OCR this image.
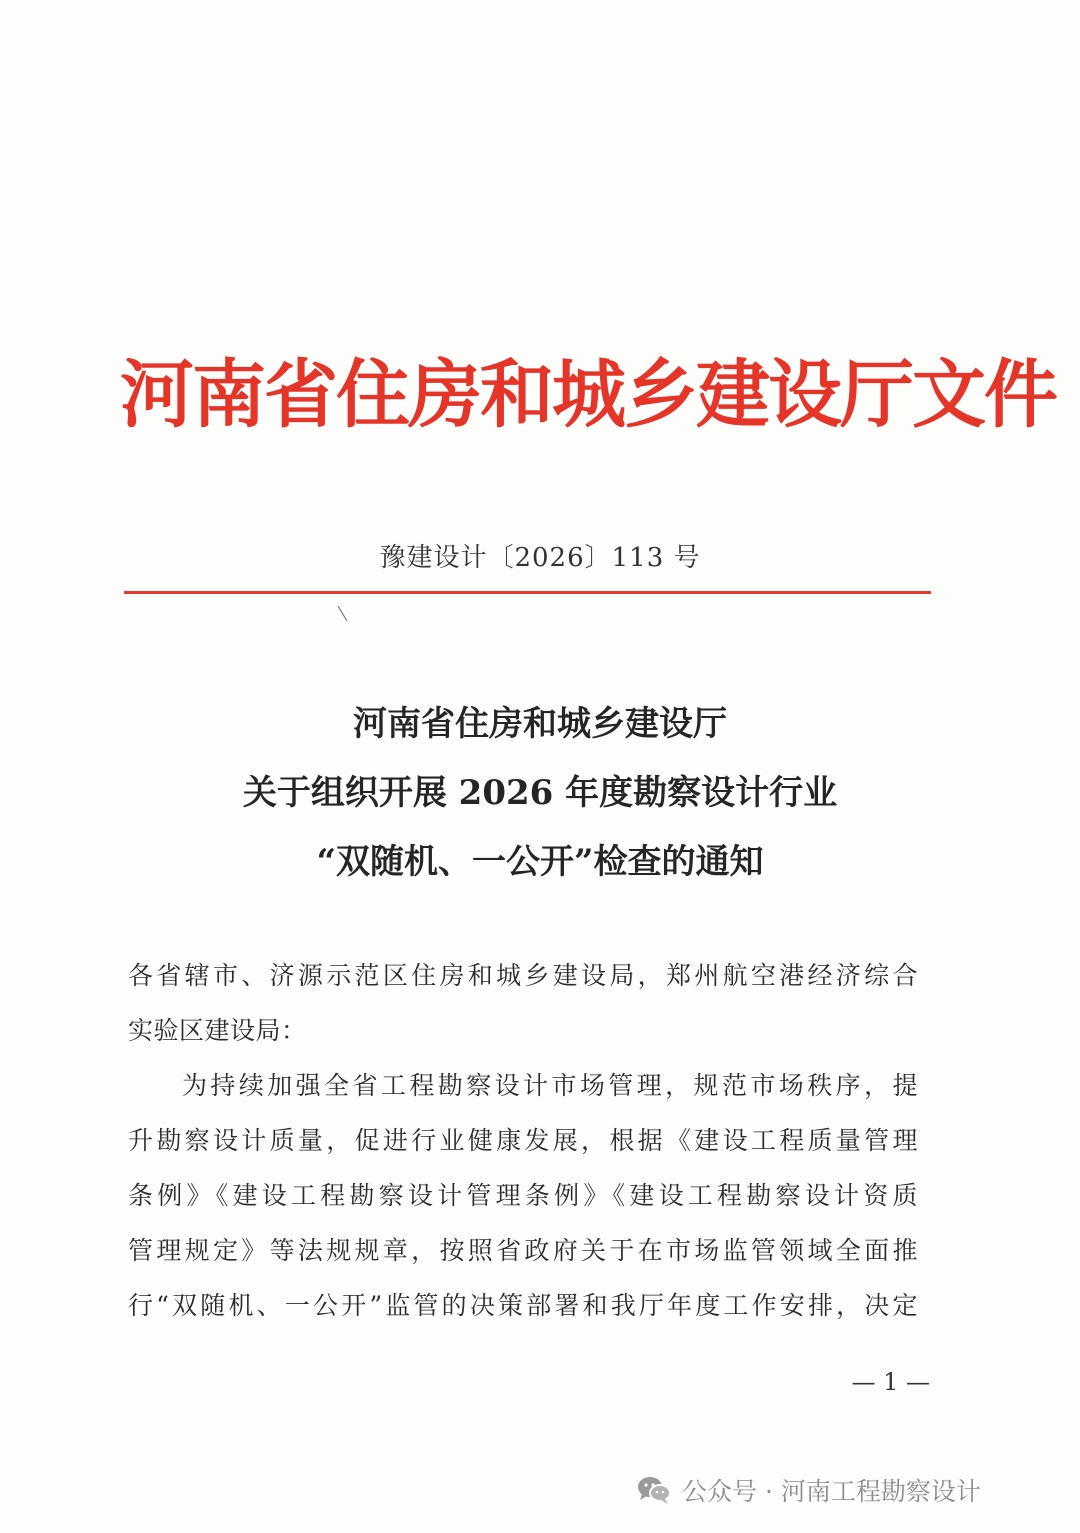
河南省住房和城乡建设厅文件
豫建设计〔2026〕113 号
河南省住房和城乡建设厅
关于组织开展 2026 年度勘察设计行业
“双随机、一公开”检查的通知
各省辖市、济源示范区住房和城乡建设局，郑州航空港经济综合
实验区建设局：
为持续加强全省工程勘察设计市场管理，规范市场秩序，提
升勘察设计质量，促进行业健康发展，根据《建设工程质量管理
条例》《建设工程勘察设计管理条例》《建设工程勘察设计资质
管理规定》等法规规章，按照省政府关于在市场监管领域全面推
行“双随机、一公开”监管的决策部署和我厅年度工作安排，决定
— 1 —
公众号 · 河南工程勘察设计
